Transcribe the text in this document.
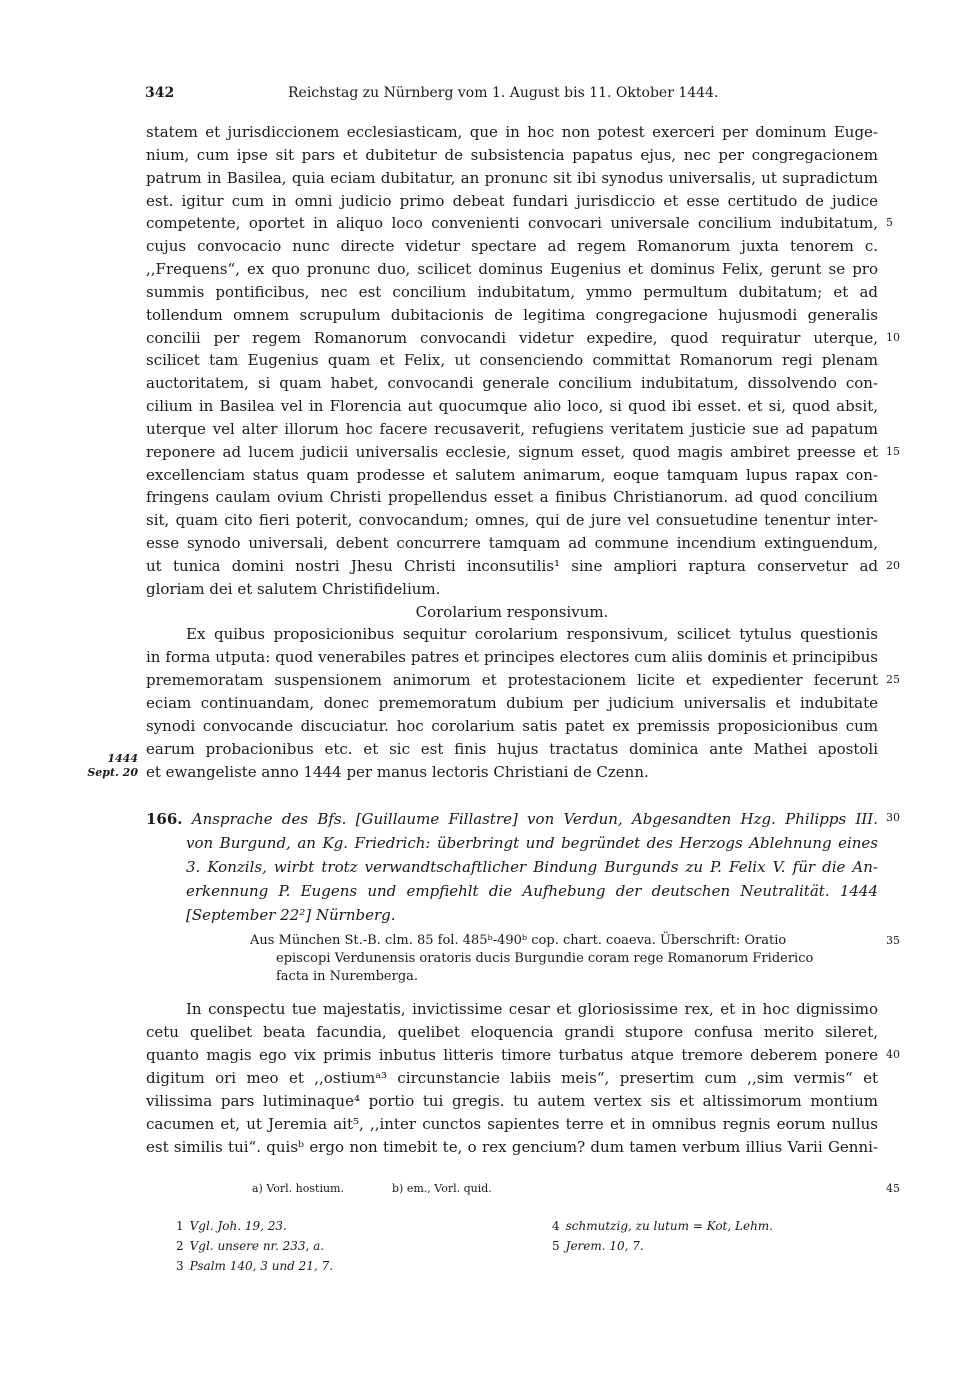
342	Reichstag zu Nürnberg vom 1. August bis 11. Oktober 1444.
statem et jurisdiccionem ecclesiasticam, que in hoc non potest exerceri per dominum Euge-
nium, cum ipse sit pars et dubitetur de subsistencia papatus ejus, nec per congregacionem
patrum in Basilea, quia eciam dubitatur, an pronunc sit ibi synodus universalis, ut supradictum
est. igitur cum in omni judicio primo debeat fundari jurisdiccio et esse certitudo de judice
competente, oportet in aliquo loco convenienti convocari universale concilium indubitatum,
cujus convocacio nunc directe videtur spectare ad regem Romanorum juxta tenorem c.
,,Frequens“, ex quo pronunc duo, scilicet dominus Eugenius et dominus Felix, gerunt se pro
summis pontificibus, nec est concilium indubitatum, ymmo permultum dubitatum; et ad
tollendum omnem scrupulum dubitacionis de legitima congregacione hujusmodi generalis
concilii per regem Romanorum convocandi videtur expedire, quod requiratur uterque,
scilicet tam Eugenius quam et Felix, ut consenciendo committat Romanorum regi plenam
auctoritatem, si quam habet, convocandi generale concilium indubitatum, dissolvendo con-
cilium in Basilea vel in Florencia aut quocumque alio loco, si quod ibi esset. et si, quod absit,
uterque vel alter illorum hoc facere recusaverit, refugiens veritatem justicie sue ad papatum
reponere ad lucem judicii universalis ecclesie, signum esset, quod magis ambiret preesse et
excellenciam status quam prodesse et salutem animarum, eoque tamquam lupus rapax con-
fringens caulam ovium Christi propellendus esset a finibus Christianorum. ad quod concilium
sit, quam cito fieri poterit, convocandum; omnes, qui de jure vel consuetudine tenentur inter-
esse synodo universali, debent concurrere tamquam ad commune incendium extinguendum,
ut tunica domini nostri Jhesu Christi inconsutilis¹ sine ampliori raptura conservetur ad
gloriam dei et salutem Christifidelium.
Corolarium responsivum.
Ex quibus proposicionibus sequitur corolarium responsivum, scilicet tytulus questionis
in forma utputa: quod venerabiles patres et principes electores cum aliis dominis et principibus
prememoratam suspensionem animorum et protestacionem licite et expedienter fecerunt
eciam continuandam, donec prememoratum dubium per judicium universalis et indubitate
synodi convocande discuciatur. hoc corolarium satis patet ex premissis proposicionibus cum
earum probacionibus etc. et sic est finis hujus tractatus dominica ante Mathei apostoli
et ewangeliste anno 1444 per manus lectoris Christiani de Czenn.
1444
Sept. 20
5
10
15
20
25
30
35
40
45
166. Ansprache des Bfs. [Guillaume Fillastre] von Verdun, Abgesandten Hzg. Philipps III.
von Burgund, an Kg. Friedrich: überbringt und begründet des Herzogs Ablehnung eines
3. Konzils, wirbt trotz verwandtschaftlicher Bindung Burgunds zu P. Felix V. für die An-
erkennung P. Eugens und empfiehlt die Aufhebung der deutschen Neutralität. 1444
[September 22²] Nürnberg.
Aus München St.-B. clm. 85 fol. 485ᵇ-490ᵇ cop. chart. coaeva. Überschrift: Oratio
episcopi Verdunensis oratoris ducis Burgundie coram rege Romanorum Friderico
facta in Nuremberga.
In conspectu tue majestatis, invictissime cesar et gloriosissime rex, et in hoc dignissimo
cetu quelibet beata facundia, quelibet eloquencia grandi stupore confusa merito sileret,
quanto magis ego vix primis inbutus litteris timore turbatus atque tremore deberem ponere
digitum ori meo et ,,ostiumᵃ³ circunstancie labiis meis“, presertim cum ,,sim vermis“ et
vilissima pars lutiminaque⁴ portio tui gregis. tu autem vertex sis et altissimorum montium
cacumen et, ut Jeremia ait⁵, ,,inter cunctos sapientes terre et in omnibus regnis eorum nullus
est similis tui“. quisᵇ ergo non timebit te, o rex gencium? dum tamen verbum illius Varii Genni-
a) Vorl. hostium.	b) em., Vorl. quid.
1 Vgl. Joh. 19, 23.
2 Vgl. unsere nr. 233, a.
3 Psalm 140, 3 und 21, 7.
4 schmutzig, zu lutum = Kot, Lehm.
5 Jerem. 10, 7.
